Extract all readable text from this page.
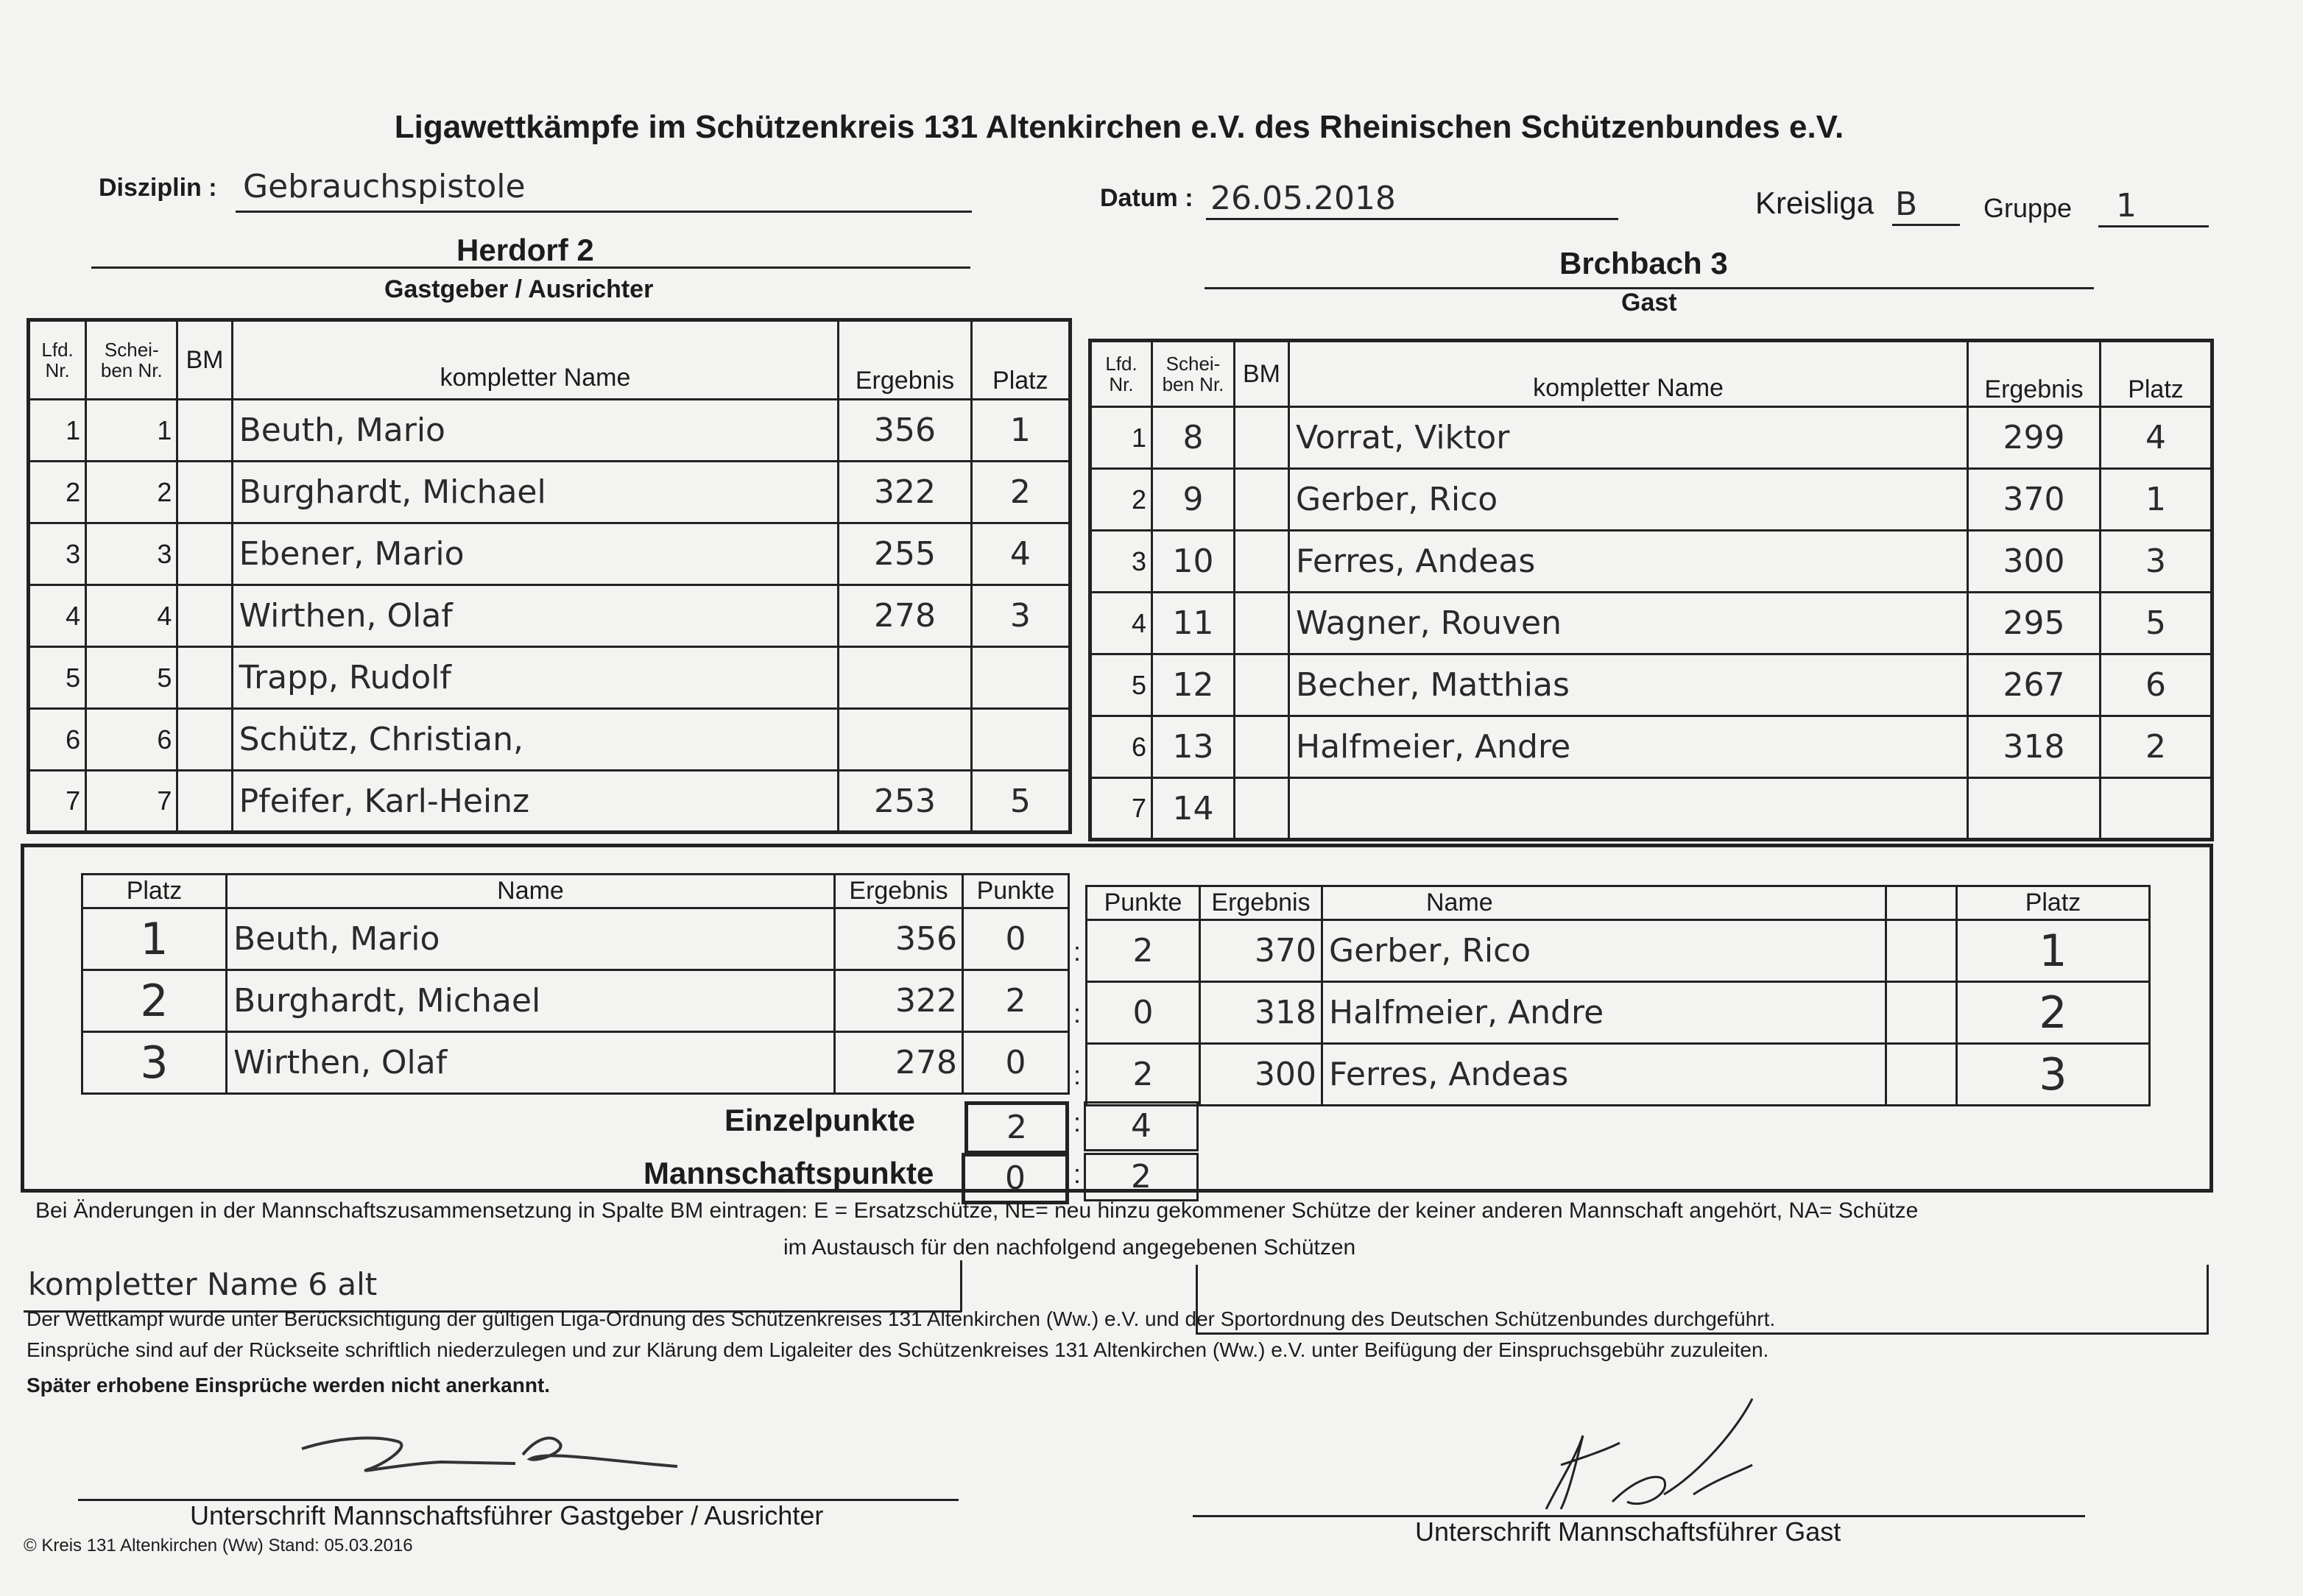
Ligawettkämpfe im Schützenkreis 131 Altenkirchen e.V. des Rheinischen Schützenbundes e.V.
Disziplin : Gebrauchspistole	Datum : 26.05.2018	Kreisliga B Gruppe 1
Herdorf 2
Gastgeber / Ausrichter
Brchbach 3
Gast
Lfd. Nr.	Schei- ben Nr.	BM	kompletter Name	Ergebnis	Platz
1	1		Beuth, Mario	356	1
2	2		Burghardt, Michael	322	2
3	3		Ebener, Mario	255	4
4	4		Wirthen, Olaf	278	3
5	5		Trapp, Rudolf		
6	6		Schütz, Christian,		
7	7		Pfeifer, Karl-Heinz	253	5
Lfd. Nr.	Schei- ben Nr.	BM	kompletter Name	Ergebnis	Platz
1	8		Vorrat, Viktor	299	4
2	9		Gerber, Rico	370	1
3	10		Ferres, Andeas	300	3
4	11		Wagner, Rouven	295	5
5	12		Becher, Matthias	267	6
6	13		Halfmeier, Andre	318	2
7	14				
Platz	Name	Ergebnis	Punkte
1	Beuth, Mario	356	0
2	Burghardt, Michael	322	2
3	Wirthen, Olaf	278	0
:
:
:
Punkte	Ergebnis	Name		Platz
2	370	Gerber, Rico		1
0	318	Halfmeier, Andre		2
2	300	Ferres, Andeas		3
Einzelpunkte	2	:	4
Mannschaftspunkte	0	:	2
Bei Änderungen in der Mannschaftszusammensetzung in Spalte BM eintragen: E = Ersatzschütze, NE= neu hinzu gekommener Schütze der keiner anderen Mannschaft angehört, NA= Schütze
im Austausch für den nachfolgend angegebenen Schützen
kompletter Name 6 alt
Der Wettkampf wurde unter Berücksichtigung der gültigen Liga-Ordnung des Schützenkreises 131 Altenkirchen (Ww.) e.V. und der Sportordnung des Deutschen Schützenbundes durchgeführt.
Einsprüche sind auf der Rückseite schriftlich niederzulegen und zur Klärung dem Ligaleiter des Schützenkreises 131 Altenkirchen (Ww.) e.V. unter Beifügung der Einspruchsgebühr zuzuleiten.
Später erhobene Einsprüche werden nicht anerkannt.
Unterschrift Mannschaftsführer Gastgeber / Ausrichter
Unterschrift Mannschaftsführer Gast
© Kreis 131 Altenkirchen (Ww) Stand: 05.03.2016
